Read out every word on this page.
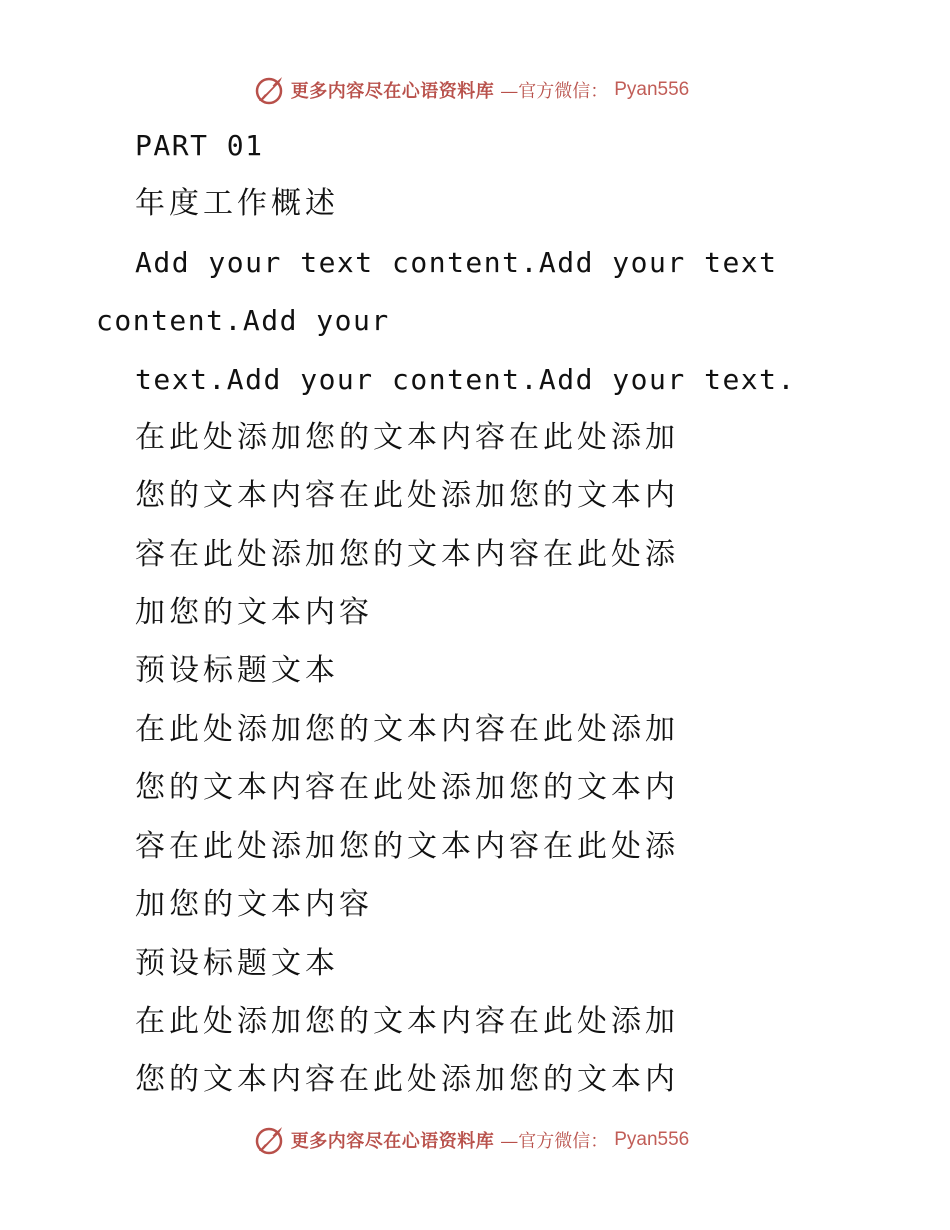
更多内容尽在心语资料库 —官方微信： Pyan556
PART 01
年度工作概述
Add your text content.Add your text
content.Add your
text.Add your content.Add your text.
在此处添加您的文本内容在此处添加
您的文本内容在此处添加您的文本内
容在此处添加您的文本内容在此处添
加您的文本内容
预设标题文本
在此处添加您的文本内容在此处添加
您的文本内容在此处添加您的文本内
容在此处添加您的文本内容在此处添
加您的文本内容
预设标题文本
在此处添加您的文本内容在此处添加
您的文本内容在此处添加您的文本内
更多内容尽在心语资料库 —官方微信： Pyan556
